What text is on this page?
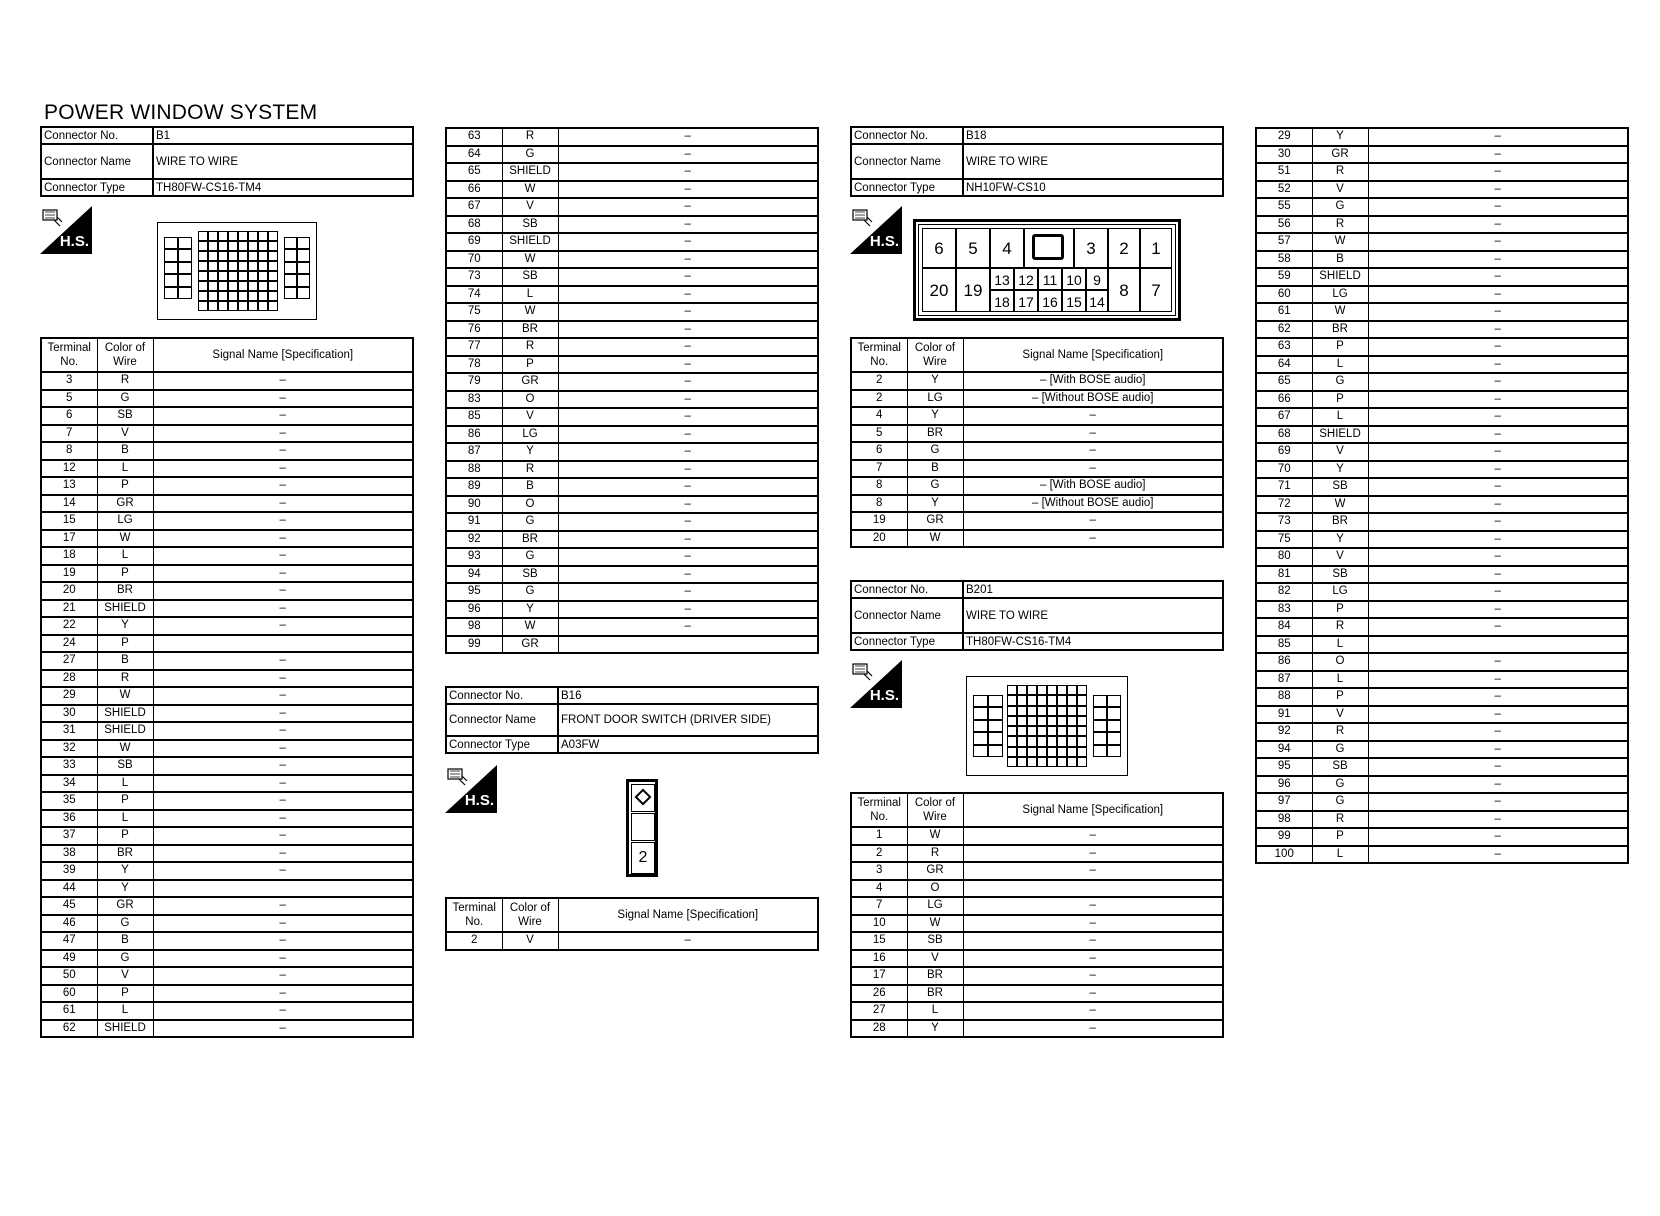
POWER WINDOW SYSTEM
Connector No.	B1
Connector Name	WIRE TO WIRE
Connector Type	TH80FW-CS16-TM4
H.S.
Terminal No.	Color of Wire	Signal Name [Specification]
3	R	–
5	G	–
6	SB	–
7	V	–
8	B	–
12	L	–
13	P	–
14	GR	–
15	LG	–
17	W	–
18	L	–
19	P	–
20	BR	–
21	SHIELD	–
22	Y	–
24	P	
27	B	–
28	R	–
29	W	–
30	SHIELD	–
31	SHIELD	–
32	W	–
33	SB	–
34	L	–
35	P	–
36	L	–
37	P	–
38	BR	–
39	Y	–
44	Y	
45	GR	–
46	G	–
47	B	–
49	G	–
50	V	–
60	P	–
61	L	–
62	SHIELD	–
63	R	–
64	G	–
65	SHIELD	–
66	W	–
67	V	–
68	SB	–
69	SHIELD	–
70	W	–
73	SB	–
74	L	–
75	W	–
76	BR	–
77	R	–
78	P	–
79	GR	–
83	O	–
85	V	–
86	LG	–
87	Y	–
88	R	–
89	B	–
90	O	–
91	G	–
92	BR	–
93	G	–
94	SB	–
95	G	–
96	Y	–
98	W	–
99	GR	
Connector No.	B16
Connector Name	FRONT DOOR SWITCH (DRIVER SIDE)
Connector Type	A03FW
H.S.
2
Terminal No.	Color of Wire	Signal Name [Specification]
2	V	–
Connector No.	B18
Connector Name	WIRE TO WIRE
Connector Type	NH10FW-CS10
H.S.	6	5	4	3	2	1
20 19
13 12 11 10 9
18 17 16 15 14
8	7
Terminal No.	Color of Wire	Signal Name [Specification]
2	Y	– [With BOSE audio]
2	LG	– [Without BOSE audio]
4	Y	–
5	BR	–
6	G	–
7	B	–
8	G	– [With BOSE audio]
8	Y	– [Without BOSE audio]
19	GR	–
20	W	–
Connector No.	B201
Connector Name	WIRE TO WIRE
Connector Type	TH80FW-CS16-TM4
H.S.
Terminal No.	Color of Wire	Signal Name [Specification]
1	W	–
2	R	–
3	GR	–
4	O	
7	LG	–
10	W	–
15	SB	–
16	V	–
17	BR	–
26	BR	–
27	L	–
28	Y	–
29	Y	–
30	GR	–
51	R	–
52	V	–
55	G	–
56	R	–
57	W	–
58	B	–
59	SHIELD	–
60	LG	–
61	W	–
62	BR	–
63	P	–
64	L	–
65	G	–
66	P	–
67	L	–
68	SHIELD	–
69	V	–
70	Y	–
71	SB	–
72	W	–
73	BR	–
75	Y	–
80	V	–
81	SB	–
82	LG	–
83	P	–
84	R	–
85	L	
86	O	–
87	L	–
88	P	–
91	V	–
92	R	–
94	G	–
95	SB	–
96	G	–
97	G	–
98	R	–
99	P	–
100	L	–
